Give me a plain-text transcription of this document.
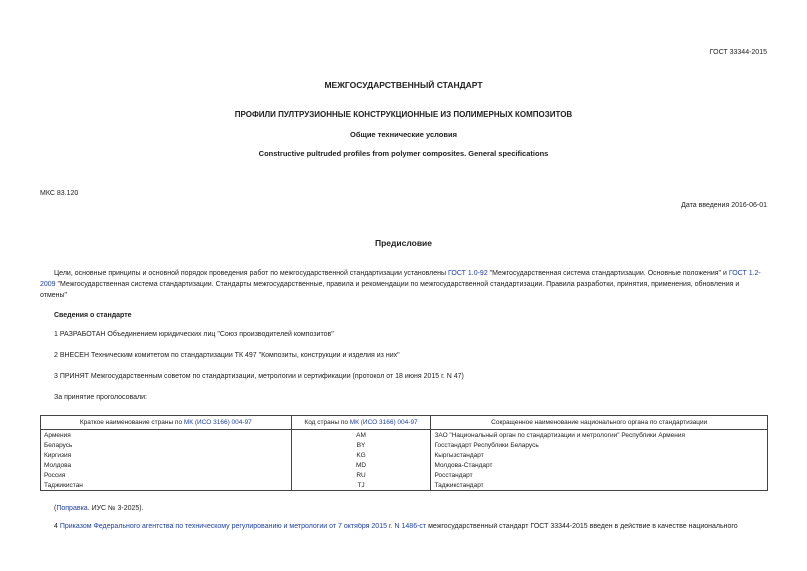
ГОСТ 33344-2015
МЕЖГОСУДАРСТВЕННЫЙ СТАНДАРТ
ПРОФИЛИ ПУЛТРУЗИОННЫЕ КОНСТРУКЦИОННЫЕ ИЗ ПОЛИМЕРНЫХ КОМПОЗИТОВ
Общие технические условия
Constructive pultruded profiles from polymer composites. General specifications
МКС 83.120
Дата введения 2016-06-01
Предисловие
Цели, основные принципы и основной порядок проведения работ по межгосударственной стандартизации установлены ГОСТ 1.0-92 "Межгосударственная система стандартизации. Основные положения" и ГОСТ 1.2-2009 "Межгосударственная система стандартизации. Стандарты межгосударственные, правила и рекомендации по межгосударственной стандартизации. Правила разработки, принятия, применения, обновления и отмены"
Сведения о стандарте
1 РАЗРАБОТАН Объединением юридических лиц "Союз производителей композитов"
2 ВНЕСЕН Техническим комитетом по стандартизации ТК 497 "Композиты, конструкции и изделия из них"
3 ПРИНЯТ Межгосударственным советом по стандартизации, метрологии и сертификации (протокол от 18 июня 2015 г. N 47)
За принятие проголосовали:
Краткое наименование страны по МК (ИСО 3166) 004-97	Код страны по МК (ИСО 3166) 004-97	Сокращенное наименование национального органа по стандартизации
Армения	AM	ЗАО "Национальный орган по стандартизации и метрологии" Республики Армения
Беларусь	BY	Госстандарт Республики Беларусь
Киргизия	KG	Кыргызстандарт
Молдова	MD	Молдова-Стандарт
Россия	RU	Росстандарт
Таджикистан	TJ	Таджикстандарт
(Поправка. ИУС № 3-2025).
4 Приказом Федерального агентства по техническому регулированию и метрологии от 7 октября 2015 г. N 1486-ст межгосударственный стандарт ГОСТ 33344-2015 введен в действие в качестве национального
